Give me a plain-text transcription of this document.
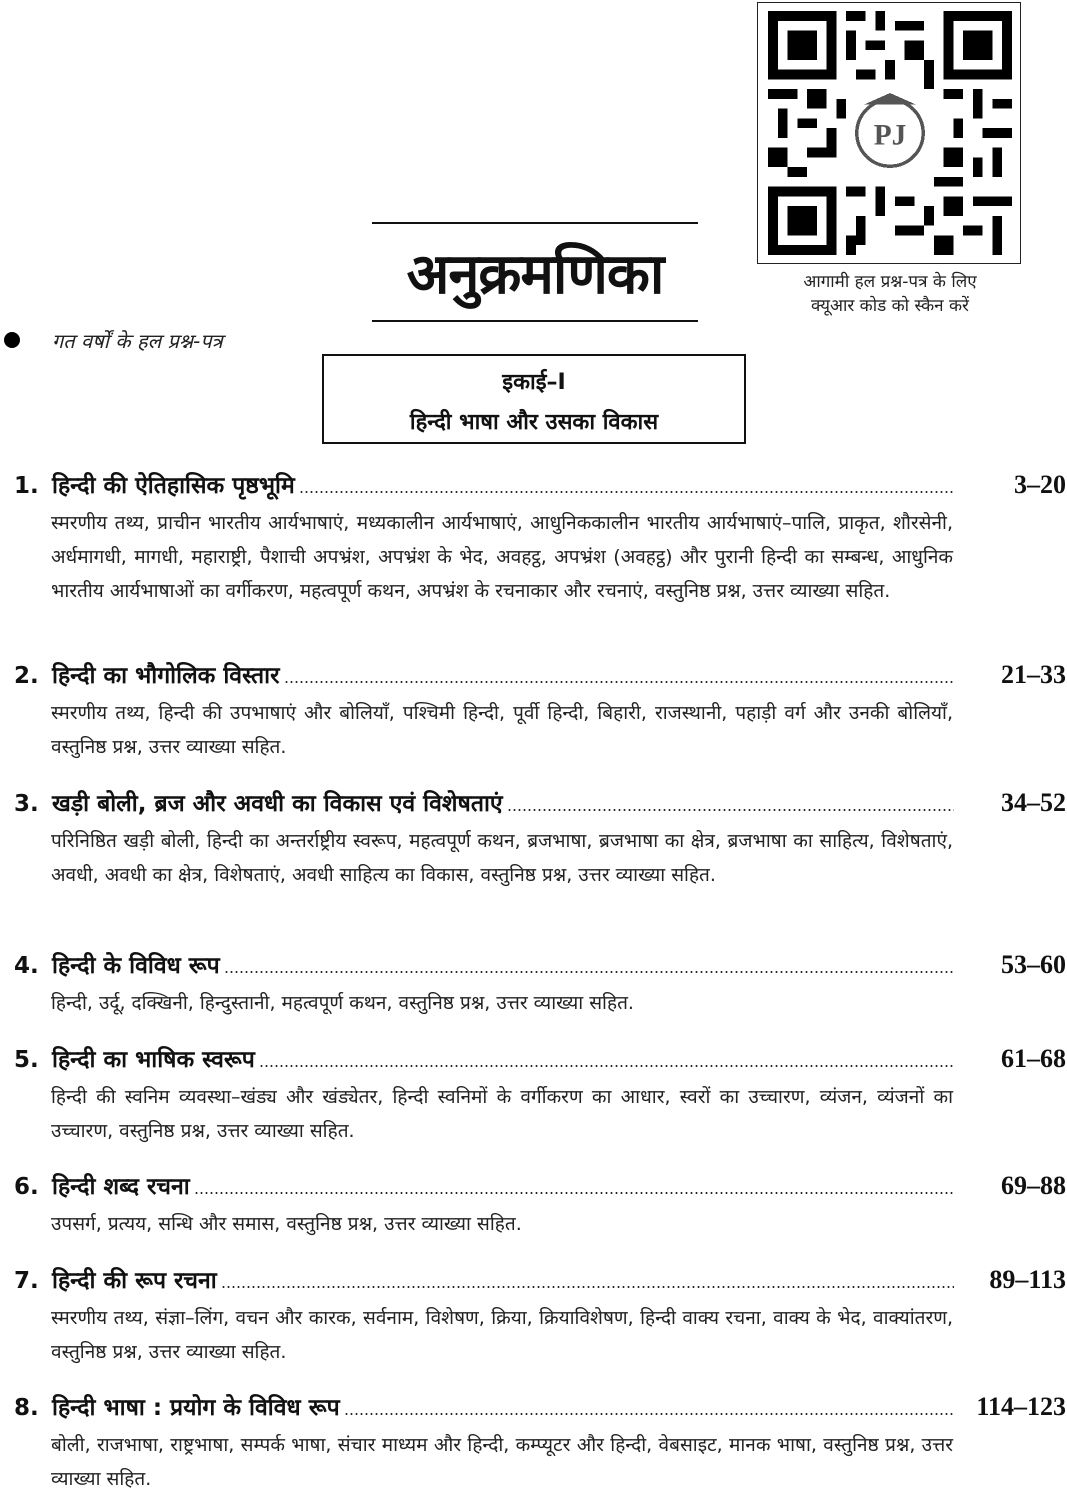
PJ
आगामी हल प्रश्न-पत्र के लिए
क्यूआर कोड को स्कैन करें
अनुक्रमणिका
गत वर्षों के हल प्रश्न-पत्र
इकाई–I
हिन्दी भाषा और उसका विकास
1. हिन्दी की ऐतिहासिक पृष्ठभूमि	3–20
स्मरणीय तथ्य, प्राचीन भारतीय आर्यभाषाएं, मध्यकालीन आर्यभाषाएं, आधुनिककालीन भारतीय आर्यभाषाएं–पालि, प्राकृत, शौरसेनी, अर्धमागधी, मागधी, महाराष्ट्री, पैशाची अपभ्रंश, अपभ्रंश के भेद, अवहट्ठ, अपभ्रंश (अवहट्ठ) और पुरानी हिन्दी का सम्बन्ध, आधुनिक भारतीय आर्यभाषाओं का वर्गीकरण, महत्वपूर्ण कथन, अपभ्रंश के रचनाकार और रचनाएं, वस्तुनिष्ठ प्रश्न, उत्तर व्याख्या सहित.
2. हिन्दी का भौगोलिक विस्तार	21–33
स्मरणीय तथ्य, हिन्दी की उपभाषाएं और बोलियाँ, पश्चिमी हिन्दी, पूर्वी हिन्दी, बिहारी, राजस्थानी, पहाड़ी वर्ग और उनकी बोलियाँ, वस्तुनिष्ठ प्रश्न, उत्तर व्याख्या सहित.
3. खड़ी बोली, ब्रज और अवधी का विकास एवं विशेषताएं	34–52
परिनिष्ठित खड़ी बोली, हिन्दी का अन्तर्राष्ट्रीय स्वरूप, महत्वपूर्ण कथन, ब्रजभाषा, ब्रजभाषा का क्षेत्र, ब्रजभाषा का साहित्य, विशेषताएं, अवधी, अवधी का क्षेत्र, विशेषताएं, अवधी साहित्य का विकास, वस्तुनिष्ठ प्रश्न, उत्तर व्याख्या सहित.
4. हिन्दी के विविध रूप	53–60
हिन्दी, उर्दू, दक्खिनी, हिन्दुस्तानी, महत्वपूर्ण कथन, वस्तुनिष्ठ प्रश्न, उत्तर व्याख्या सहित.
5. हिन्दी का भाषिक स्वरूप	61–68
हिन्दी की स्वनिम व्यवस्था–खंड्य और खंड्येतर, हिन्दी स्वनिमों के वर्गीकरण का आधार, स्वरों का उच्चारण, व्यंजन, व्यंजनों का उच्चारण, वस्तुनिष्ठ प्रश्न, उत्तर व्याख्या सहित.
6. हिन्दी शब्द रचना	69–88
उपसर्ग, प्रत्यय, सन्धि और समास, वस्तुनिष्ठ प्रश्न, उत्तर व्याख्या सहित.
7. हिन्दी की रूप रचना	89–113
स्मरणीय तथ्य, संज्ञा–लिंग, वचन और कारक, सर्वनाम, विशेषण, क्रिया, क्रियाविशेषण, हिन्दी वाक्य रचना, वाक्य के भेद, वाक्यांतरण, वस्तुनिष्ठ प्रश्न, उत्तर व्याख्या सहित.
8. हिन्दी भाषा : प्रयोग के विविध रूप	114–123
बोली, राजभाषा, राष्ट्रभाषा, सम्पर्क भाषा, संचार माध्यम और हिन्दी, कम्प्यूटर और हिन्दी, वेबसाइट, मानक भाषा, वस्तुनिष्ठ प्रश्न, उत्तर व्याख्या सहित.
